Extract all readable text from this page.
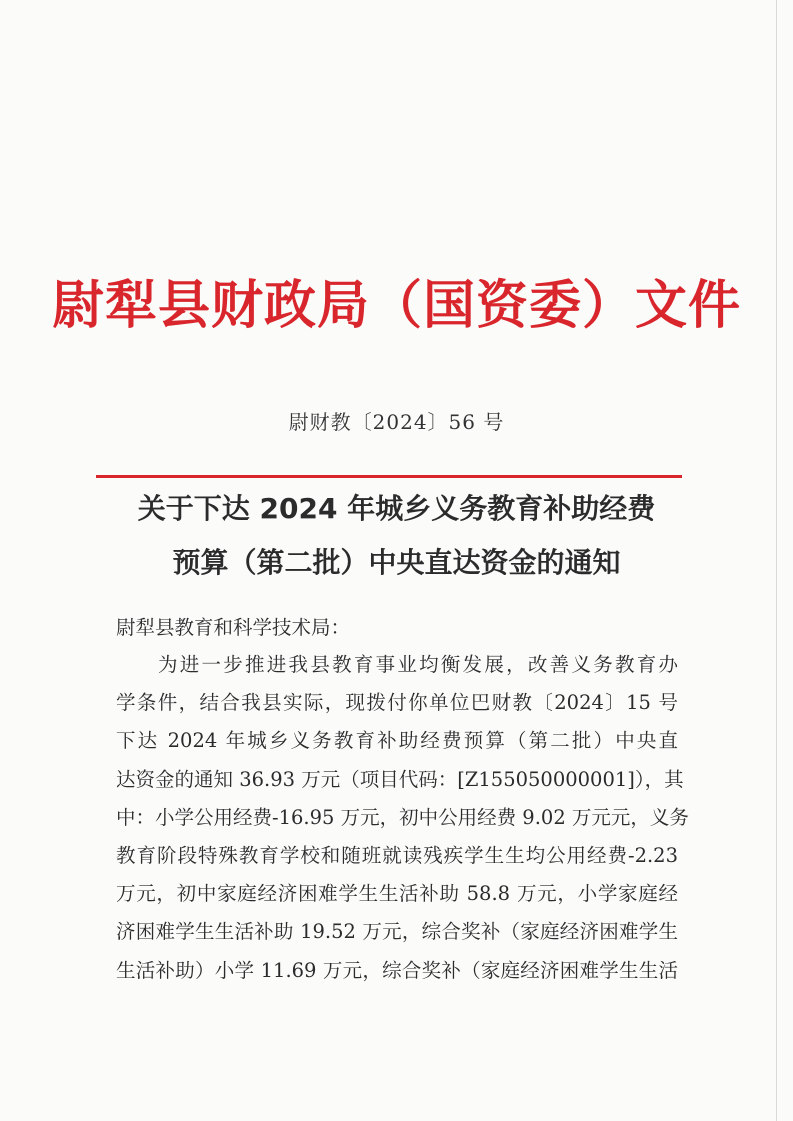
尉犁县财政局（国资委）文件
尉财教〔2024〕56 号
关于下达 2024 年城乡义务教育补助经费
预算（第二批）中央直达资金的通知
尉犁县教育和科学技术局：
为进一步推进我县教育事业均衡发展，改善义务教育办
学条件，结合我县实际，现拨付你单位巴财教〔2024〕15 号
下达 2024 年城乡义务教育补助经费预算（第二批）中央直
达资金的通知 36.93 万元（项目代码：[Z155050000001]），其
中：小学公用经费-16.95 万元，初中公用经费 9.02 万元元，义务
教育阶段特殊教育学校和随班就读残疾学生生均公用经费-2.23
万元，初中家庭经济困难学生生活补助 58.8 万元，小学家庭经
济困难学生生活补助 19.52 万元，综合奖补（家庭经济困难学生
生活补助）小学 11.69 万元，综合奖补（家庭经济困难学生生活
